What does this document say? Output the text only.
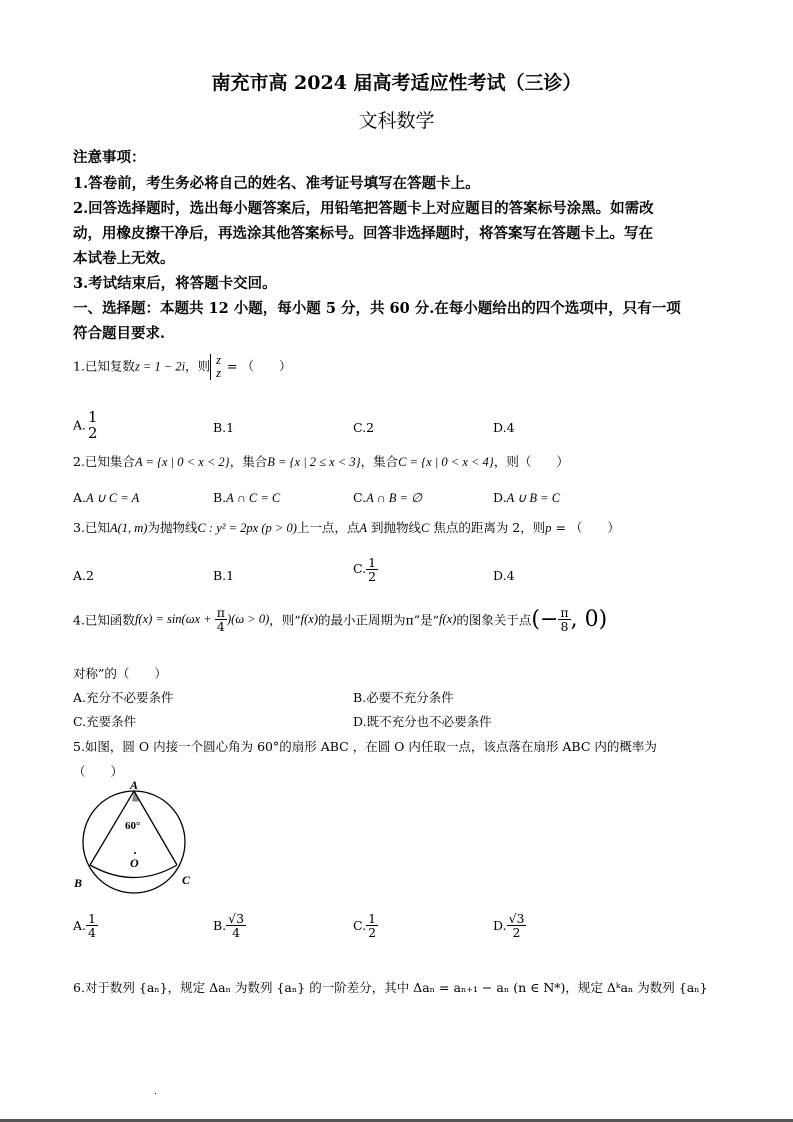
南充市高 2024 届高考适应性考试（三诊）
文科数学
注意事项：
1.答卷前，考生务必将自己的姓名、准考证号填写在答题卡上。
2.回答选择题时，选出每小题答案后，用铅笔把答题卡上对应题目的答案标号涂黑。如需改
动，用橡皮擦干净后，再选涂其他答案标号。回答非选择题时，将答案写在答题卡上。写在
本试卷上无效。
3.考试结束后，将答题卡交回。
一、选择题：本题共 12 小题，每小题 5 分，共 60 分.在每小题给出的四个选项中，只有一项
符合题目要求.
1.已知复数z = 1 − 2i，则 z
z = （　　）
A. 1
2	B.1	C.2	D.4
2.已知集合A = {x | 0 < x < 2}，集合B = {x | 2 ≤ x < 3}，集合C = {x | 0 < x < 4}，则（　　）
A.A ∪ C = A	B.A ∩ C = C	C.A ∩ B = ∅	D.A ∪ B = C
3.已知A(1, m)为抛物线C : y² = 2px (p > 0)上一点，点A 到抛物线C 焦点的距离为 2，则p = （　　）
A.2	B.1	C. $\frac{1}{2}$	D.4
4.已知函数$f(x) = \sin(\omega x + \frac{\pi}{4} )(\omega > 0)$，则“f(x)的最小正周期为π”是“f(x)的图象关于点(− $\frac{\pi}{8}$ , 0)
对称”的（　　）
A.充分不必要条件	B.必要不充分条件
C.充要条件	D.既不充分也不必要条件
5.如图，圆 O 内接一个圆心角为 60°的扇形 ABC ，在圆 O 内任取一点，该点落在扇形 ABC 内的概率为
（　　）
A
B	C
O
60°
A. $\frac{1}{4}$	B. $\frac{√3}{4}$	C. $\frac{1}{2}$	D. $\frac{√3}{2}$
6.对于数列 {aₙ}，规定 Δaₙ 为数列 {aₙ} 的一阶差分，其中 Δaₙ = aₙ₊₁ − aₙ (n ∈ N*)，规定 Δᵏaₙ 为数列 {aₙ}
